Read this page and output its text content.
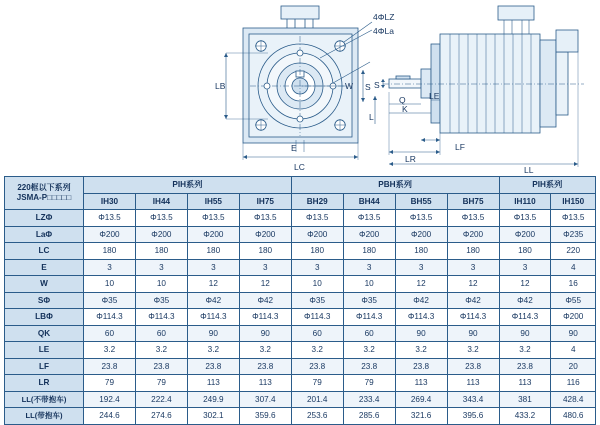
4ΦLZ
4ΦLa
W
E
S
LB
LC
S
L
Q
K
LE
LF
LR
LL
220框以下系列
JSMA-P□□□□□	PIH系列				PBH系列				PIH系列	
	IH30	IH44	IH55	IH75	BH29	BH44	BH55	BH75	IH110	IH150
LZΦ	Φ13.5	Φ13.5	Φ13.5	Φ13.5	Φ13.5	Φ13.5	Φ13.5	Φ13.5	Φ13.5	Φ13.5
LaΦ	Φ200	Φ200	Φ200	Φ200	Φ200	Φ200	Φ200	Φ200	Φ200	Φ235
LC	180	180	180	180	180	180	180	180	180	220
E	3	3	3	3	3	3	3	3	3	4
W	10	10	12	12	10	10	12	12	12	16
SΦ	Φ35	Φ35	Φ42	Φ42	Φ35	Φ35	Φ42	Φ42	Φ42	Φ55
LBΦ	Φ114.3	Φ114.3	Φ114.3	Φ114.3	Φ114.3	Φ114.3	Φ114.3	Φ114.3	Φ114.3	Φ200
QK	60	60	90	90	60	60	90	90	90	90
LE	3.2	3.2	3.2	3.2	3.2	3.2	3.2	3.2	3.2	4
LF	23.8	23.8	23.8	23.8	23.8	23.8	23.8	23.8	23.8	20
LR	79	79	113	113	79	79	113	113	113	116
LL(不带抱车)	192.4	222.4	249.9	307.4	201.4	233.4	269.4	343.4	381	428.4
LL(带抱车)	244.6	274.6	302.1	359.6	253.6	285.6	321.6	395.6	433.2	480.6
